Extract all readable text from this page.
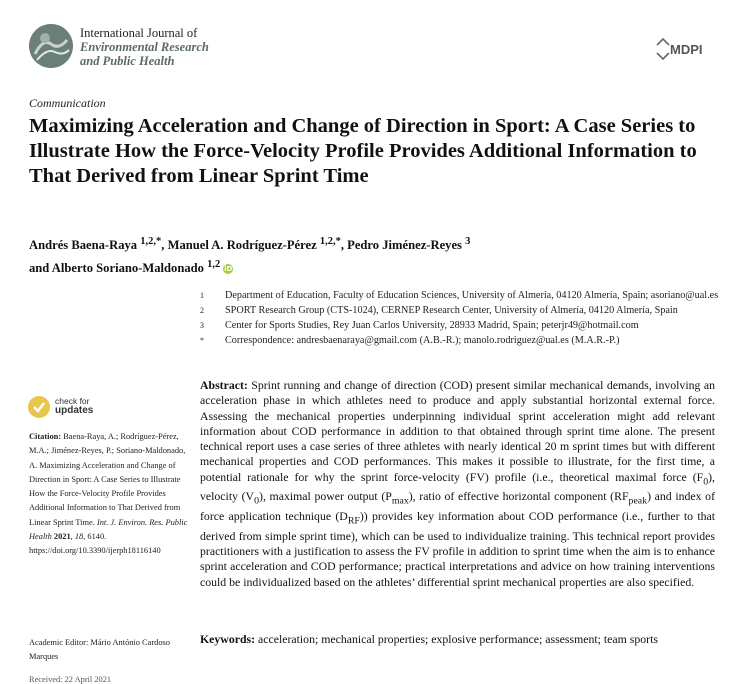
International Journal of
Environmental Research
and Public Health
MDPI
Communication
Maximizing Acceleration and Change of Direction in Sport: A Case Series to Illustrate How the Force-Velocity Profile Provides Additional Information to That Derived from Linear Sprint Time
Andrés Baena-Raya $^{1,2,*}$, Manuel A. Rodríguez-Pérez $^{1,2,*}$, Pedro Jiménez-Reyes $^3$
and Alberto Soriano-Maldonado $^{1,2}$ iD
1	Department of Education, Faculty of Education Sciences, University of Almería, 04120 Almería, Spain; asoriano@ual.es
2	SPORT Research Group (CTS-1024), CERNEP Research Center, University of Almería, 04120 Almería, Spain
3	Center for Sports Studies, Rey Juan Carlos University, 28933 Madrid, Spain; peterjr49@hotmail.com
*	Correspondence: andresbaenaraya@gmail.com (A.B.-R.); manolo.rodriguez@ual.es (M.A.R.-P.)
check for
updates
Citation: Baena-Raya, A.; Rodríguez-Pérez, M.A.; Jiménez-Reyes, P.; Soriano-Maldonado, A. Maximizing Acceleration and Change of Direction in Sport: A Case Series to Illustrate How the Force-Velocity Profile Provides Additional Information to That Derived from Linear Sprint Time. Int. J. Environ. Res. Public Health 2021, 18, 6140. https://doi.org/10.3390/ijerph18116140
Academic Editor: Mário António Cardoso Marques
Received: 22 April 2021
Abstract: Sprint running and change of direction (COD) present similar mechanical demands, involving an acceleration phase in which athletes need to produce and apply substantial horizontal external force. Assessing the mechanical properties underpinning individual sprint acceleration might add relevant information about COD performance in addition to that obtained through sprint time alone. The present technical report uses a case series of three athletes with nearly identical 20 m sprint times but with different mechanical properties and COD performances. This makes it possible to illustrate, for the first time, a potential rationale for why the sprint force-velocity (FV) profile (i.e., theoretical maximal force $(F_0)$, velocity $(V_0)$, maximal power output $(P_{max})$, ratio of effective horizontal component $(RF_{peak})$ and index of force application technique $(D_{RF})$) provides key information about COD performance (i.e., further to that derived from simple sprint time), which can be used to individualize training. This technical report provides practitioners with a justification to assess the FV profile in addition to sprint time when the aim is to enhance sprint acceleration and COD performance; practical interpretations and advice on how training interventions could be individualized based on the athletes’ differential sprint mechanical properties are also specified.
Keywords: acceleration; mechanical properties; explosive performance; assessment; team sports
